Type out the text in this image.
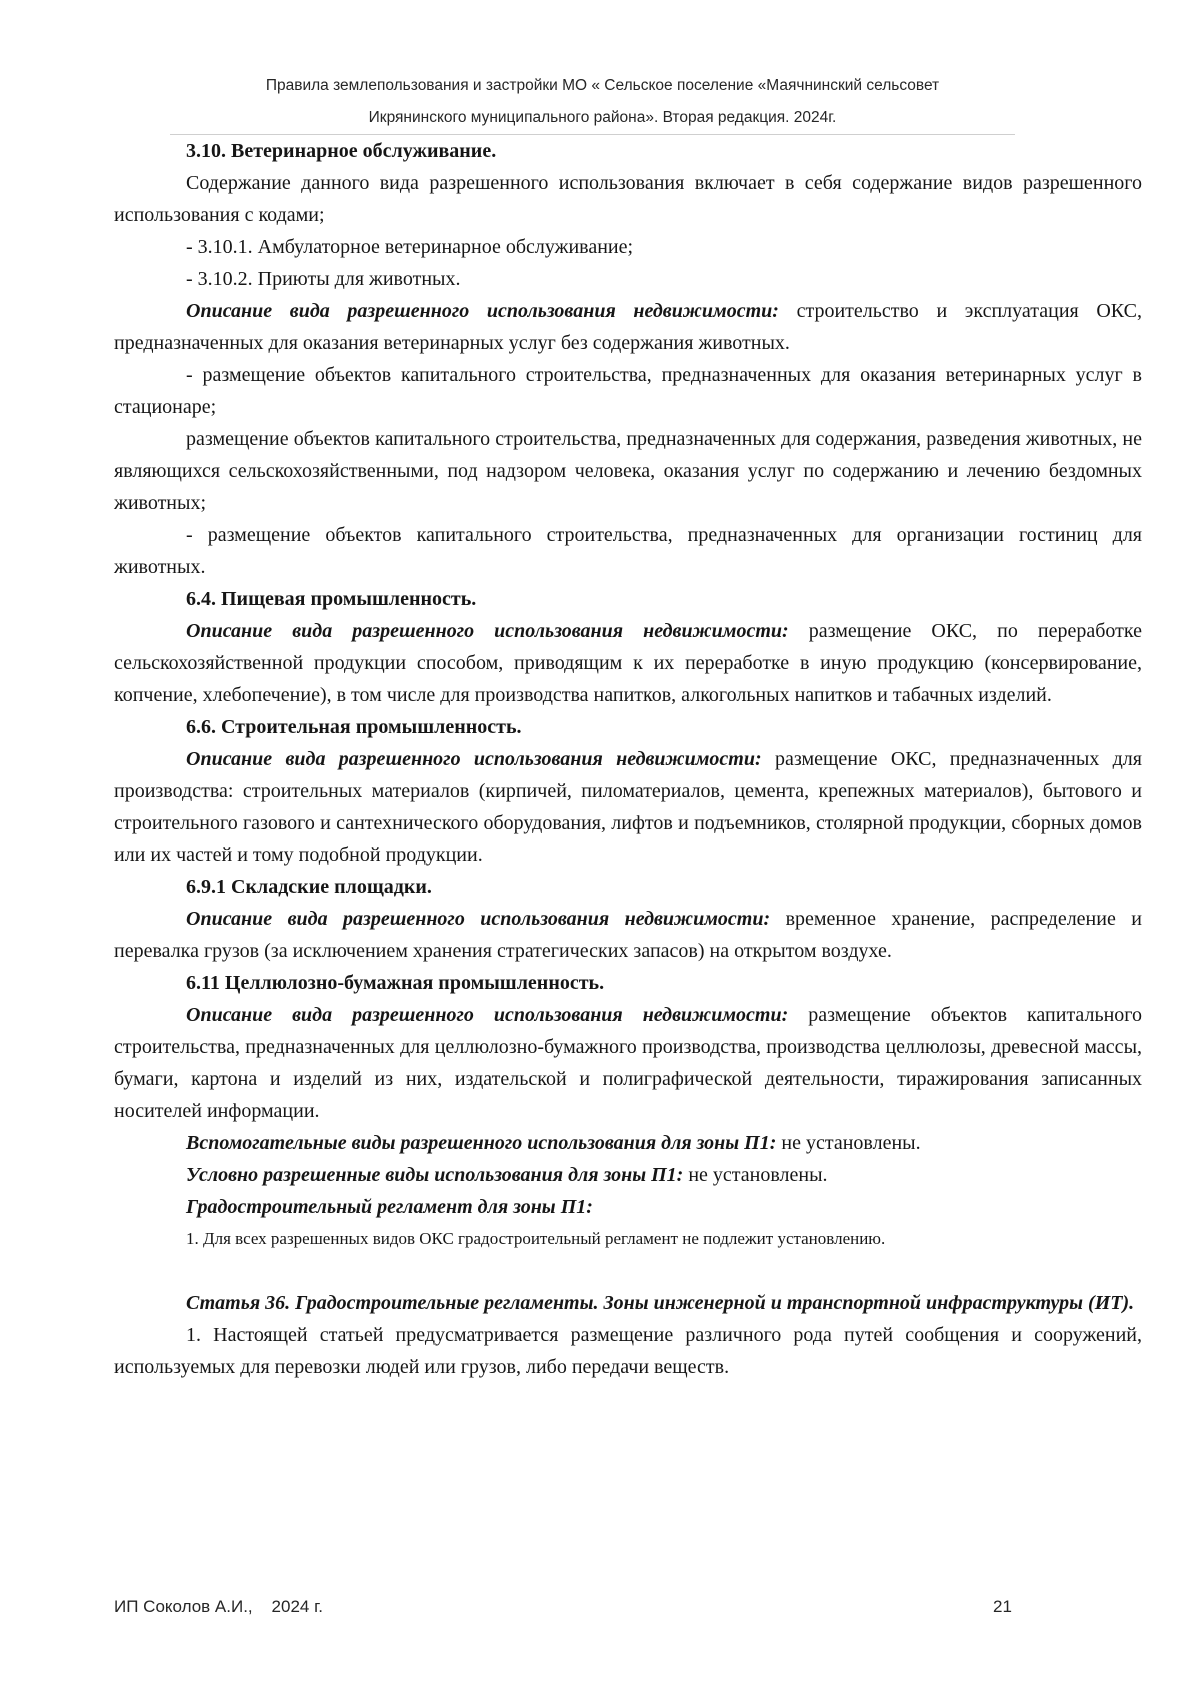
Правила землепользования и застройки МО « Сельское поселение «Маячнинский сельсовет
Икрянинского муниципального района». Вторая редакция. 2024г.

3.10. Ветеринарное обслуживание.

Содержание данного вида разрешенного использования включает в себя содержание видов разрешенного использования с кодами;

- 3.10.1. Амбулаторное ветеринарное обслуживание;

- 3.10.2. Приюты для животных.

Описание вида разрешенного использования недвижимости: строительство и эксплуатация ОКС, предназначенных для оказания ветеринарных услуг без содержания животных.

- размещение объектов капитального строительства, предназначенных для оказания ветеринарных услуг в стационаре;

размещение объектов капитального строительства, предназначенных для содержания, разведения животных, не являющихся сельскохозяйственными, под надзором человека, оказания услуг по содержанию и лечению бездомных животных;

- размещение объектов капитального строительства, предназначенных для организации гостиниц для животных.

6.4. Пищевая промышленность.

Описание вида разрешенного использования недвижимости: размещение ОКС, по переработке сельскохозяйственной продукции способом, приводящим к их переработке в иную продукцию (консервирование, копчение, хлебопечение), в том числе для производства напитков, алкогольных напитков и табачных изделий.

6.6. Строительная промышленность.

Описание вида разрешенного использования недвижимости: размещение ОКС, предназначенных для производства: строительных материалов (кирпичей, пиломатериалов, цемента, крепежных материалов), бытового и строительного газового и сантехнического оборудования, лифтов и подъемников, столярной продукции, сборных домов или их частей и тому подобной продукции.

6.9.1 Складские площадки.

Описание вида разрешенного использования недвижимости: временное хранение, распределение и перевалка грузов (за исключением хранения стратегических запасов) на открытом воздухе.

6.11 Целлюлозно-бумажная промышленность.

Описание вида разрешенного использования недвижимости: размещение объектов капитального строительства, предназначенных для целлюлозно-бумажного производства, производства целлюлозы, древесной массы, бумаги, картона и изделий из них, издательской и полиграфической деятельности, тиражирования записанных носителей информации.

Вспомогательные виды разрешенного использования для зоны П1: не установлены.

Условно разрешенные виды использования для зоны П1: не установлены.

Градостроительный регламент для зоны П1:

1. Для всех разрешенных видов ОКС градостроительный регламент не подлежит установлению.

Статья 36. Градостроительные регламенты. Зоны инженерной и транспортной инфраструктуры (ИТ).

1. Настоящей статьей предусматривается размещение различного рода путей сообщения и сооружений, используемых для перевозки людей или грузов, либо передачи веществ.

ИП Соколов А.И.,    2024 г.	21
